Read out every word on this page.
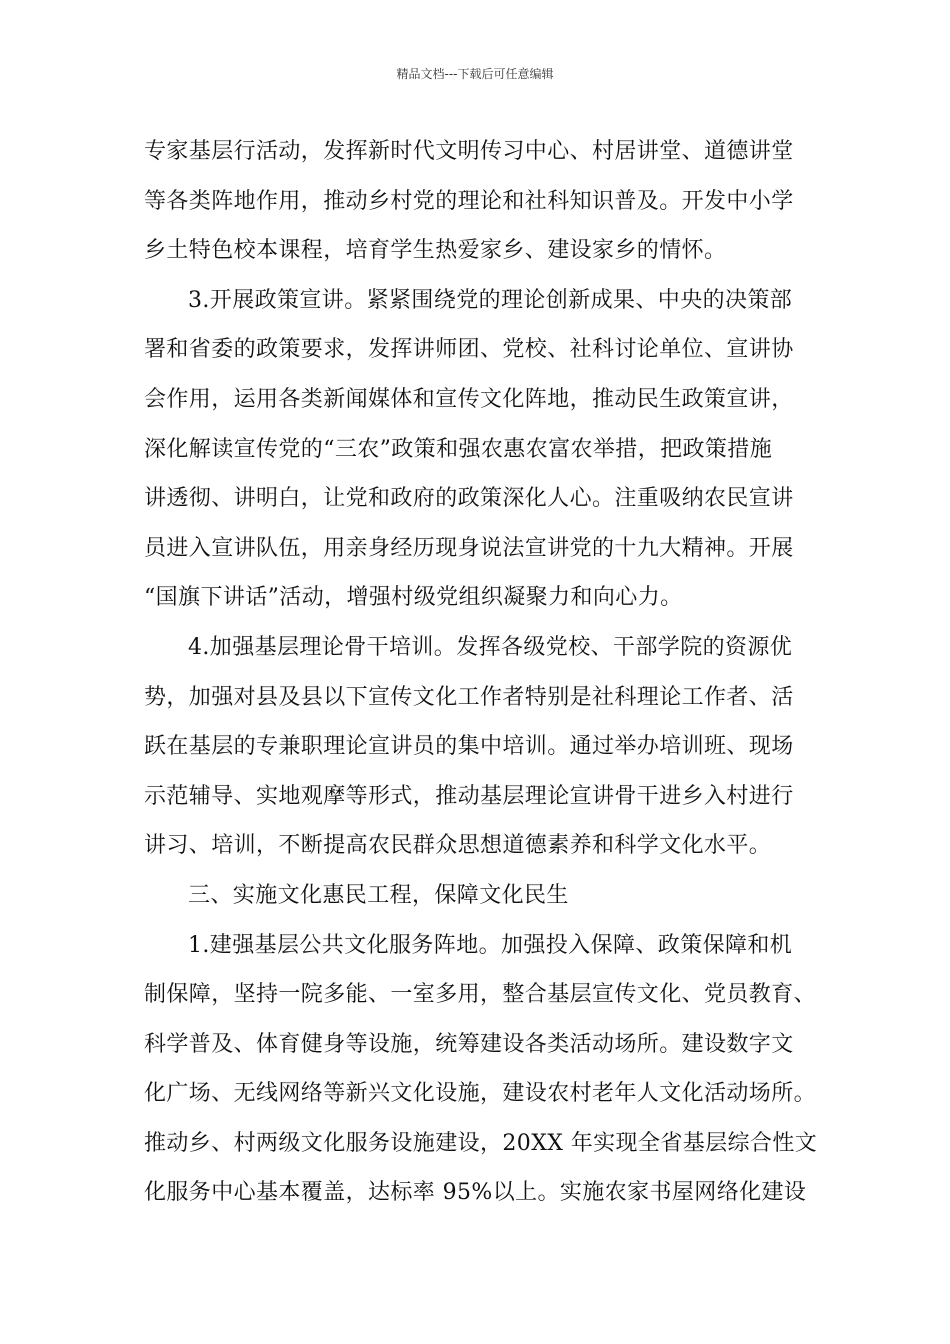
精品文档---下载后可任意编辑
专家基层行活动，发挥新时代文明传习中心、村居讲堂、道德讲堂
等各类阵地作用，推动乡村党的理论和社科知识普及。开发中小学
乡土特色校本课程，培育学生热爱家乡、建设家乡的情怀。
3.开展政策宣讲。紧紧围绕党的理论创新成果、中央的决策部
署和省委的政策要求，发挥讲师团、党校、社科讨论单位、宣讲协
会作用，运用各类新闻媒体和宣传文化阵地，推动民生政策宣讲，
深化解读宣传党的“三农”政策和强农惠农富农举措，把政策措施
讲透彻、讲明白，让党和政府的政策深化人心。注重吸纳农民宣讲
员进入宣讲队伍，用亲身经历现身说法宣讲党的十九大精神。开展
“国旗下讲话”活动，增强村级党组织凝聚力和向心力。
4.加强基层理论骨干培训。发挥各级党校、干部学院的资源优
势，加强对县及县以下宣传文化工作者特别是社科理论工作者、活
跃在基层的专兼职理论宣讲员的集中培训。通过举办培训班、现场
示范辅导、实地观摩等形式，推动基层理论宣讲骨干进乡入村进行
讲习、培训，不断提高农民群众思想道德素养和科学文化水平。
三、实施文化惠民工程，保障文化民生
1.建强基层公共文化服务阵地。加强投入保障、政策保障和机
制保障，坚持一院多能、一室多用，整合基层宣传文化、党员教育、
科学普及、体育健身等设施，统筹建设各类活动场所。建设数字文
化广场、无线网络等新兴文化设施，建设农村老年人文化活动场所。
推动乡、村两级文化服务设施建设，20XX 年实现全省基层综合性文
化服务中心基本覆盖，达标率 95%以上。实施农家书屋网络化建设
